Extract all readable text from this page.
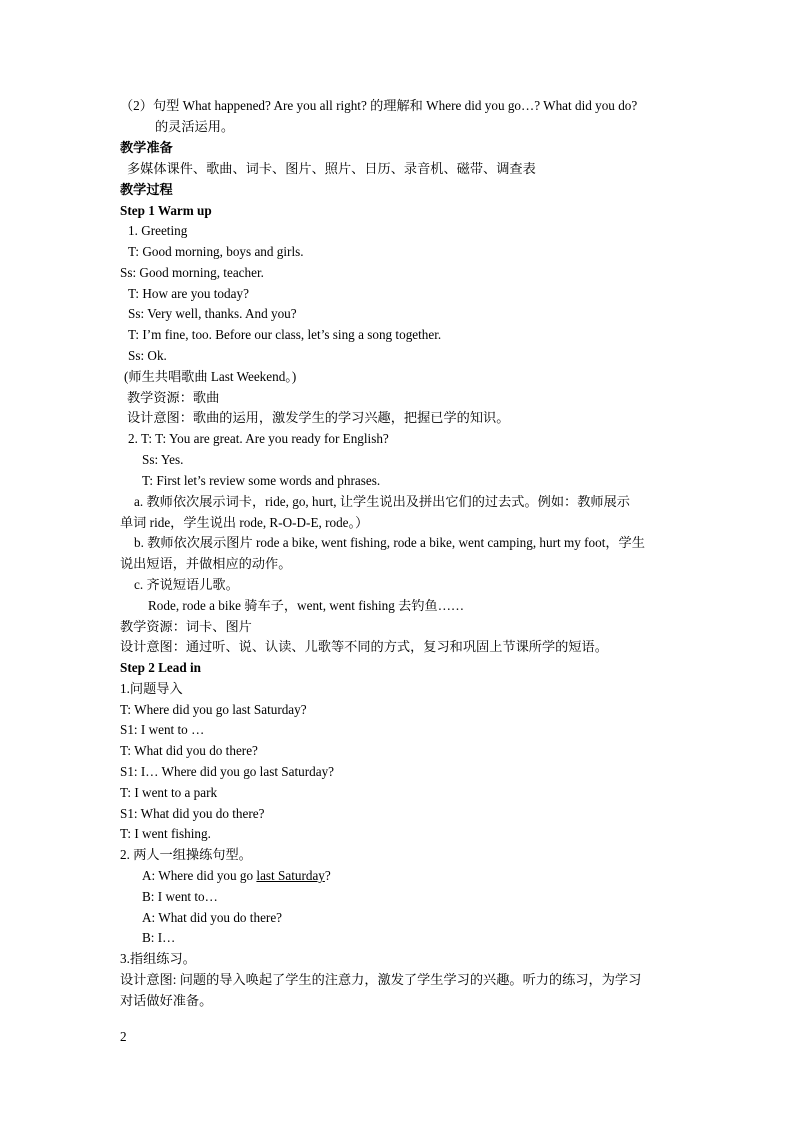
（2）句型 What happened? Are you all right? 的理解和 Where did you go…? What did you do?
的灵活运用。
教学准备
多媒体课件、歌曲、词卡、图片、照片、日历、录音机、磁带、调查表
教学过程
Step 1 Warm up
1. Greeting
T: Good morning, boys and girls.
Ss: Good morning, teacher.
T: How are you today?
Ss: Very well, thanks. And you?
T: I’m fine, too. Before our class, let’s sing a song together.
Ss: Ok.
(师生共唱歌曲 Last Weekend。)
教学资源：歌曲
设计意图：歌曲的运用，激发学生的学习兴趣，把握已学的知识。
2. T: T: You are great. Are you ready for English?
Ss: Yes.
T: First let’s review some words and phrases.
a. 教师依次展示词卡，ride, go, hurt, 让学生说出及拼出它们的过去式。例如：教师展示
单词 ride，学生说出 rode, R-O-D-E, rode。）
b. 教师依次展示图片 rode a bike, went fishing, rode a bike, went camping, hurt my foot，学生
说出短语，并做相应的动作。
c. 齐说短语儿歌。
Rode, rode a bike 骑车子，went, went fishing 去钓鱼……
教学资源：词卡、图片
设计意图：通过听、说、认读、儿歌等不同的方式，复习和巩固上节课所学的短语。
Step 2 Lead in
1.问题导入
T: Where did you go last Saturday?
S1: I went to …
T: What did you do there?
S1: I… Where did you go last Saturday?
T: I went to a park
S1: What did you do there?
T: I went fishing.
2. 两人一组操练句型。
A: Where did you go last Saturday?
B: I went to…
A: What did you do there?
B: I…
3.指组练习。
设计意图: 问题的导入唤起了学生的注意力，激发了学生学习的兴趣。听力的练习，为学习
对话做好准备。
2
